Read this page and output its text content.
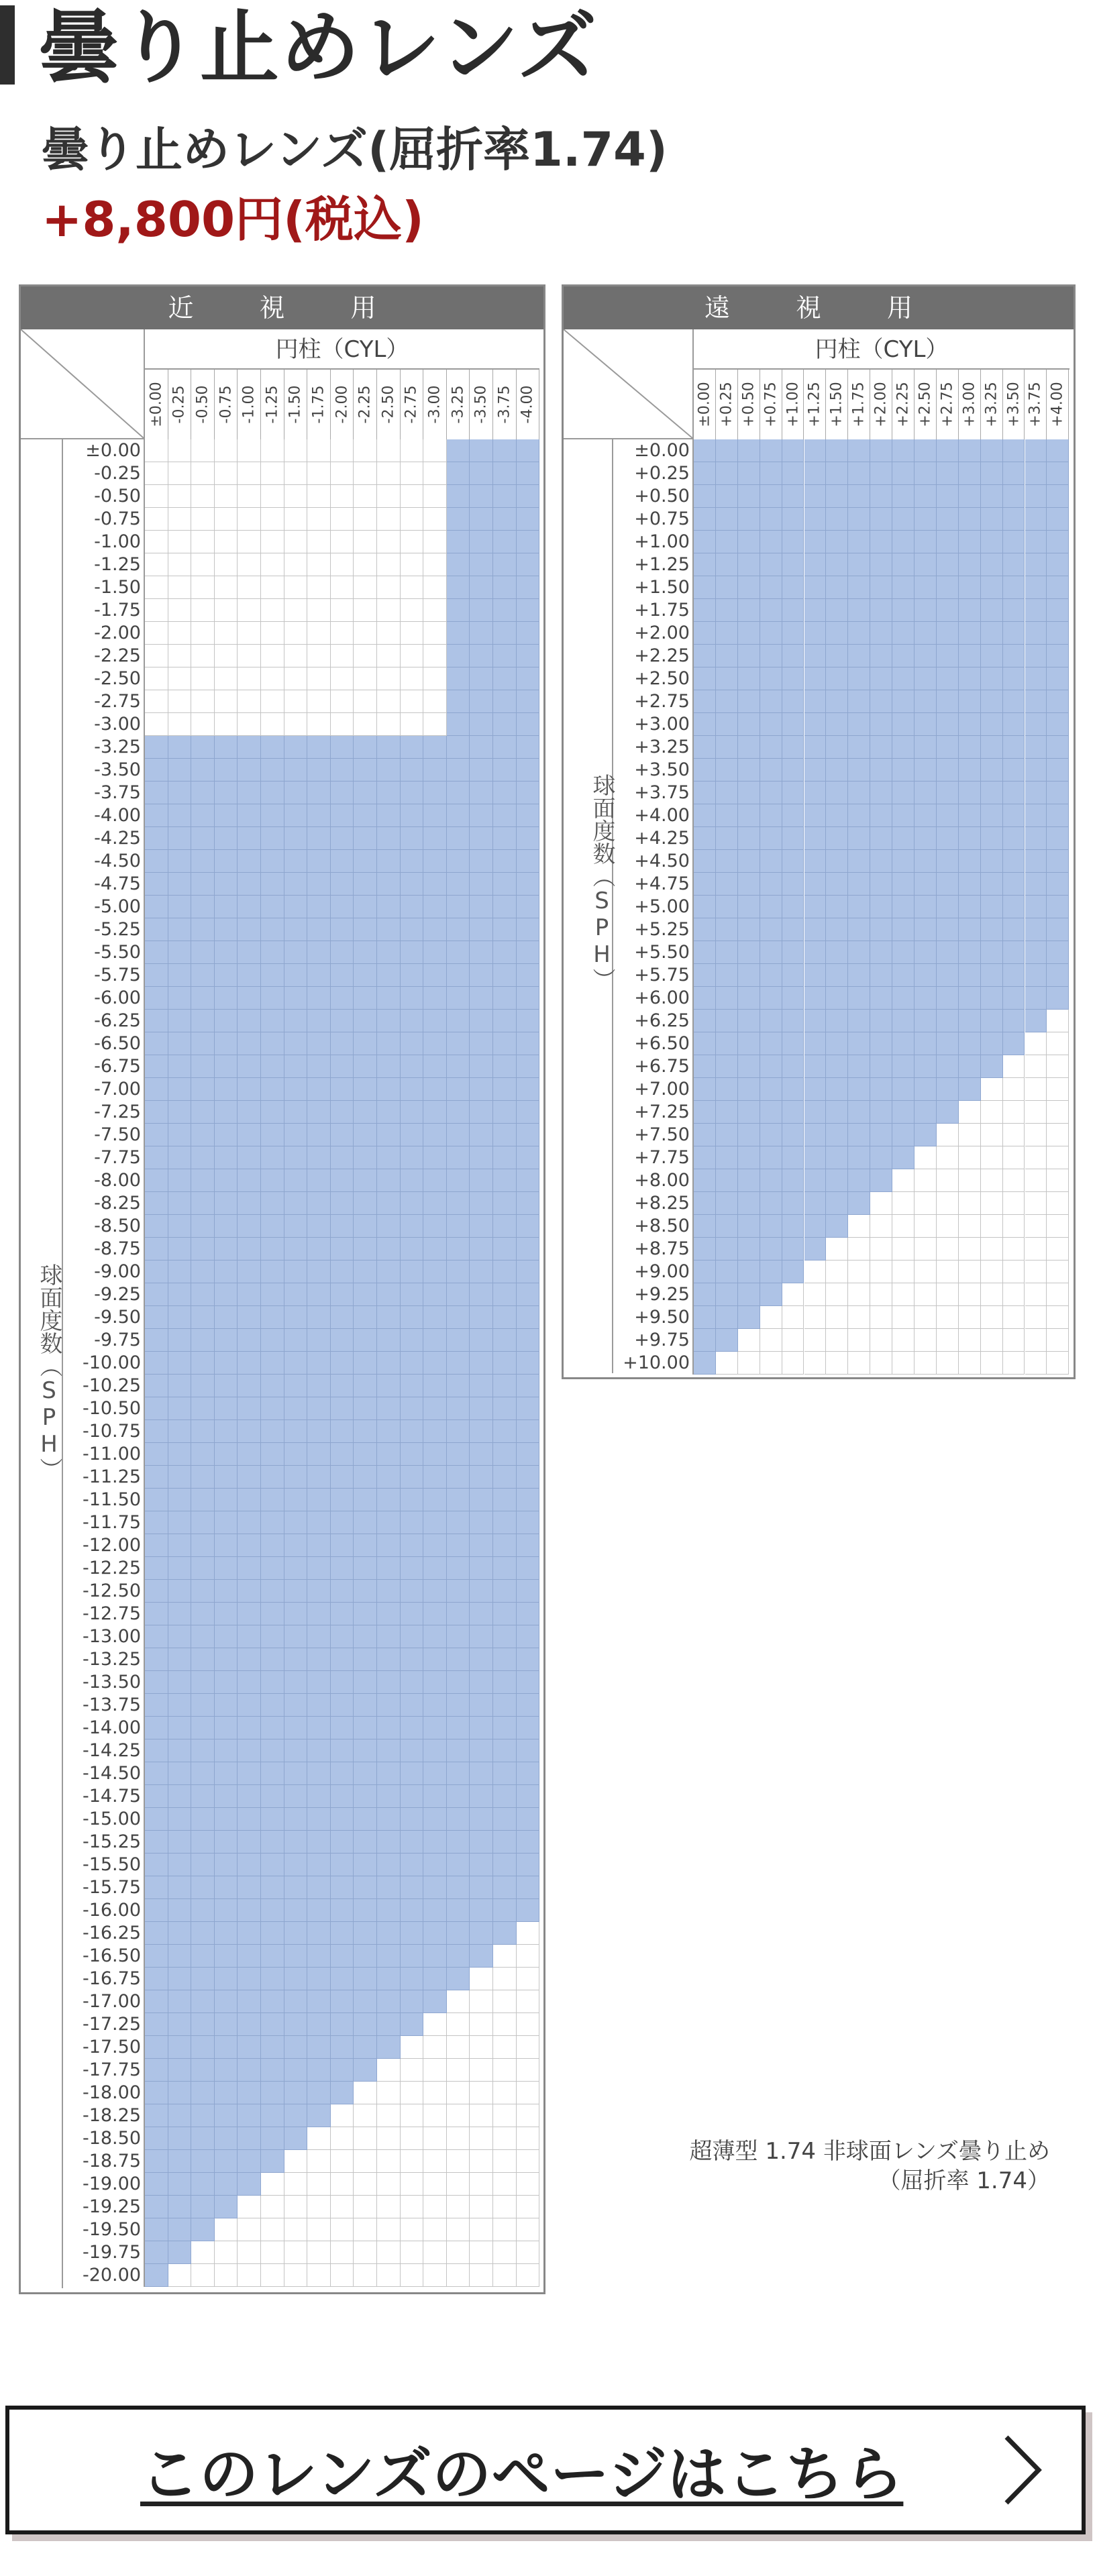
曇り止めレンズ
曇り止めレンズ(屈折率1.74)
+8,800円(税込)
近　視　用
円柱（CYL）
球面度数（SPH）
±0.00 -0.25 -0.50 -0.75 -1.00 -1.25 -1.50 -1.75 -2.00 -2.25 -2.50 -2.75 -3.00 -3.25 -3.50 -3.75 -4.00
±0.00
-0.25
-0.50
-0.75
-1.00
-1.25
-1.50
-1.75
-2.00
-2.25
-2.50
-2.75
-3.00
-3.25
-3.50
-3.75
-4.00
-4.25
-4.50
-4.75
-5.00
-5.25
-5.50
-5.75
-6.00
-6.25
-6.50
-6.75
-7.00
-7.25
-7.50
-7.75
-8.00
-8.25
-8.50
-8.75
-9.00
-9.25
-9.50
-9.75
-10.00
-10.25
-10.50
-10.75
-11.00
-11.25
-11.50
-11.75
-12.00
-12.25
-12.50
-12.75
-13.00
-13.25
-13.50
-13.75
-14.00
-14.25
-14.50
-14.75
-15.00
-15.25
-15.50
-15.75
-16.00
-16.25
-16.50
-16.75
-17.00
-17.25
-17.50
-17.75
-18.00
-18.25
-18.50
-18.75
-19.00
-19.25
-19.50
-19.75
-20.00
遠　視　用
円柱（CYL）
球面度数（SPH）
±0.00 +0.25 +0.50 +0.75 +1.00 +1.25 +1.50 +1.75 +2.00 +2.25 +2.50 +2.75 +3.00 +3.25 +3.50 +3.75 +4.00
±0.00
+0.25
+0.50
+0.75
+1.00
+1.25
+1.50
+1.75
+2.00
+2.25
+2.50
+2.75
+3.00
+3.25
+3.50
+3.75
+4.00
+4.25
+4.50
+4.75
+5.00
+5.25
+5.50
+5.75
+6.00
+6.25
+6.50
+6.75
+7.00
+7.25
+7.50
+7.75
+8.00
+8.25
+8.50
+8.75
+9.00
+9.25
+9.50
+9.75
+10.00
超薄型 1.74 非球面レンズ曇り止め
（屈折率 1.74）
このレンズのページはこちら
